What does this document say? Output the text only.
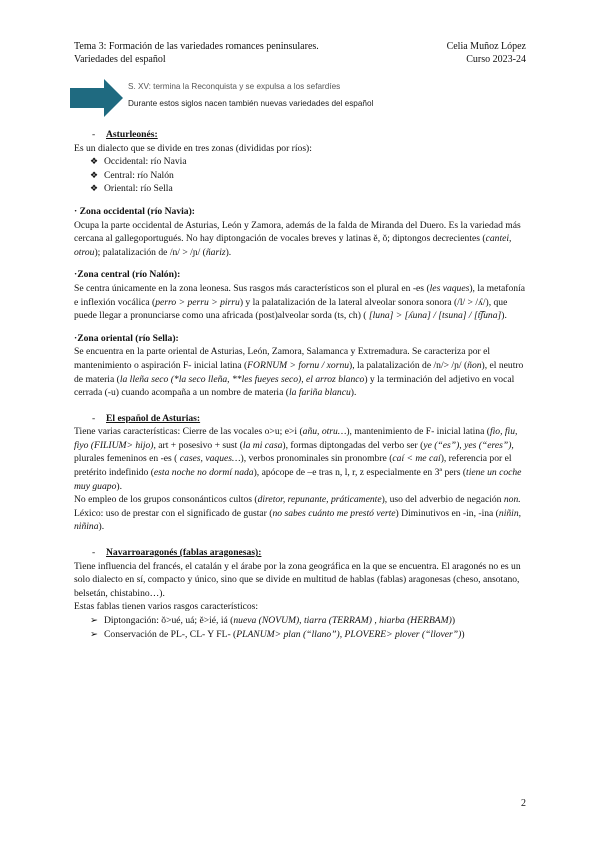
Tema 3: Formación de las variedades romances peninsulares.
Variedades del español
Celia Muñoz López
Curso 2023-24
S. XV: termina la Reconquista y se expulsa a los sefardíes
Durante estos siglos nacen también nuevas variedades del español
-	Asturleonés:

Es un dialecto que se divide en tres zonas (divididas por ríos):

❖ Occidental: río Navia
❖ Central: río Nalón
❖ Oriental: río Sella

· Zona occidental (río Navia):

Ocupa la parte occidental de Asturias, León y Zamora, además de la falda de Miranda del Duero. Es la variedad más cercana al gallegoportugués. No hay diptongación de vocales breves y latinas ĕ, ŏ; diptongos decrecientes (cantei, otrou); palatalización de /n/ > /ɲ/ (ñariz).

·Zona central (río Nalón):

Se centra únicamente en la zona leonesa. Sus rasgos más característicos son el plural en -es (les vaques), la metafonía e inflexión vocálica (perro > perru > pirru) y la palatalización de la lateral alveolar sonora sonora (/l/ > /ʎ/), que puede llegar a pronunciarse como una africada (post)alveolar sorda (ts, ch) ( [luna] > [ʎuna] / [tsuna] / [t͡ʃuna]).

·Zona oriental (río Sella):

Se encuentra en la parte oriental de Asturias, León, Zamora, Salamanca y Extremadura. Se caracteriza por el mantenimiento o aspiración F- inicial latina (FORNUM > fornu / xornu), la palatalización de /n/> /ɲ/ (ñon), el neutro de materia (la lleña seco (*la seco lleña, **les fueyes seco), el arroz blanco) y la terminación del adjetivo en vocal cerrada (-u) cuando acompaña a un nombre de materia (la fariña blancu).

-	El español de Asturias:

Tiene varias características: Cierre de las vocales o>u; e>i (añu, otru…), mantenimiento de F- inicial latina (fio, fiu, fiyo (FILIUM> hijo), art + posesivo + sust (la mi casa), formas diptongadas del verbo ser (ye (“es”), yes (“eres”), plurales femeninos en -es ( cases, vaques…), verbos pronominales sin pronombre (caí < me caí), referencia por el pretérito indefinido (esta noche no dormí nada), apócope de –e tras n, l, r, z especialmente en 3ª pers (tiene un coche muy guapo).

No empleo de los grupos consonánticos cultos (diretor, repunante, práticamente), uso del adverbio de negación non.

Léxico: uso de prestar con el significado de gustar (no sabes cuánto me prestó verte) Diminutivos en -in, -ina (niñin, niñina).

-	Navarroaragonés (fablas aragonesas):

Tiene influencia del francés, el catalán y el árabe por la zona geográfica en la que se encuentra. El aragonés no es un solo dialecto en sí, compacto y único, sino que se divide en multitud de hablas (fablas) aragonesas (cheso, ansotano, belsetán, chistabino…).

Estas fablas tienen varios rasgos característicos:

➢ Diptongación: ŏ>ué, uá; ĕ>ié, iá (nueva (NOVUM), tiarra (TERRAM) , hiarba (HERBAM))
➢ Conservación de PL-, CL- Y FL- (PLANUM> plan (“llano”), PLOVERE> plover (“llover”))
2
